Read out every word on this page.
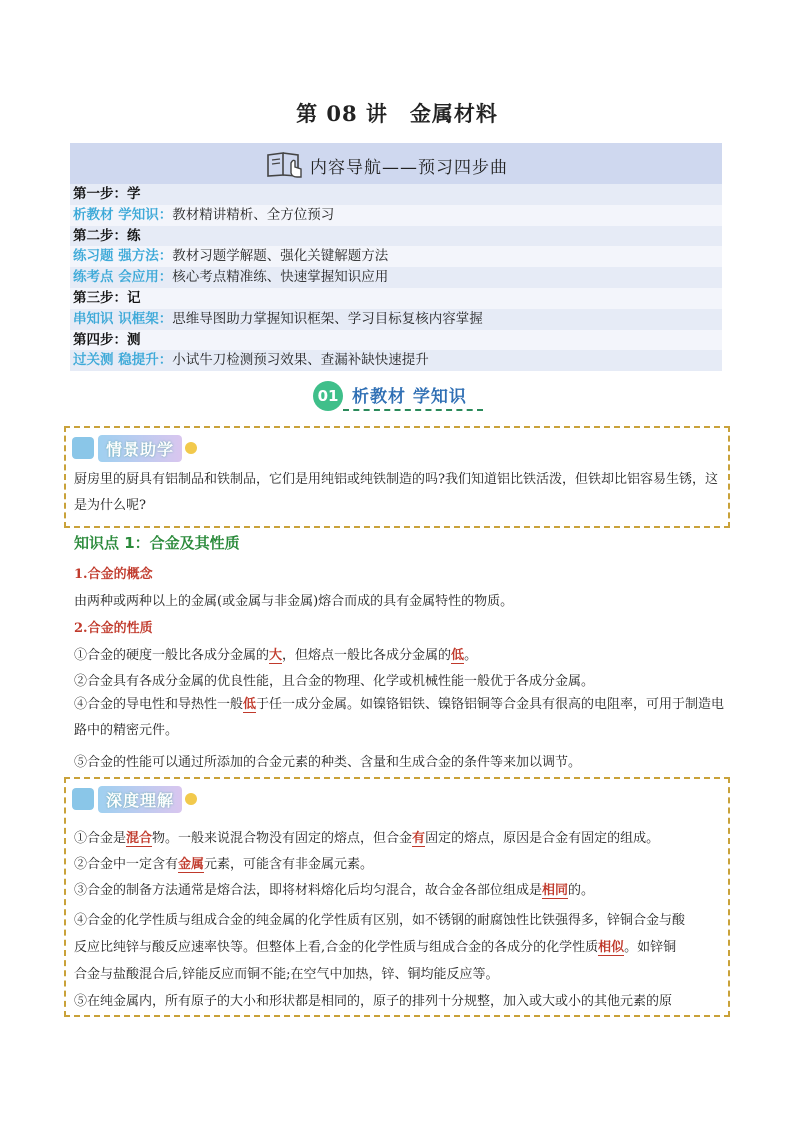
第 08 讲 金属材料
内容导航——预习四步曲
第一步：学
析教材 学知识：教材精讲精析、全方位预习
第二步：练
练习题 强方法：教材习题学解题、强化关键解题方法
练考点 会应用：核心考点精准练、快速掌握知识应用
第三步：记
串知识 识框架：思维导图助力掌握知识框架、学习目标复核内容掌握
第四步：测
过关测 稳提升：小试牛刀检测预习效果、查漏补缺快速提升
01 析教材 学知识
情景助学
厨房里的厨具有铝制品和铁制品，它们是用纯铝或纯铁制造的吗?我们知道铝比铁活泼，但铁却比铝容易生锈，这是为什么呢?
知识点 1：合金及其性质
1.合金的概念
由两种或两种以上的金属(或金属与非金属)熔合而成的具有金属特性的物质。
2.合金的性质
①合金的硬度一般比各成分金属的大，但熔点一般比各成分金属的低。
②合金具有各成分金属的优良性能，且合金的物理、化学或机械性能一般优于各成分金属。
④合金的导电性和导热性一般低于任一成分金属。如镍铬铝铁、镍铬铝铜等合金具有很高的电阻率，可用于制造电路中的精密元件。
⑤合金的性能可以通过所添加的合金元素的种类、含量和生成合金的条件等来加以调节。
深度理解
①合金是混合物。一般来说混合物没有固定的熔点，但合金有固定的熔点，原因是合金有固定的组成。
②合金中一定含有金属元素，可能含有非金属元素。
③合金的制备方法通常是熔合法，即将材料熔化后均匀混合，故合金各部位组成是相同的。
④合金的化学性质与组成合金的纯金属的化学性质有区别，如不锈钢的耐腐蚀性比铁强得多，锌铜合金与酸
反应比纯锌与酸反应速率快等。但整体上看,合金的化学性质与组成合金的各成分的化学性质相似。如锌铜
合金与盐酸混合后,锌能反应而铜不能;在空气中加热，锌、铜均能反应等。
⑤在纯金属内，所有原子的大小和形状都是相同的，原子的排列十分规整，加入或大或小的其他元素的原
